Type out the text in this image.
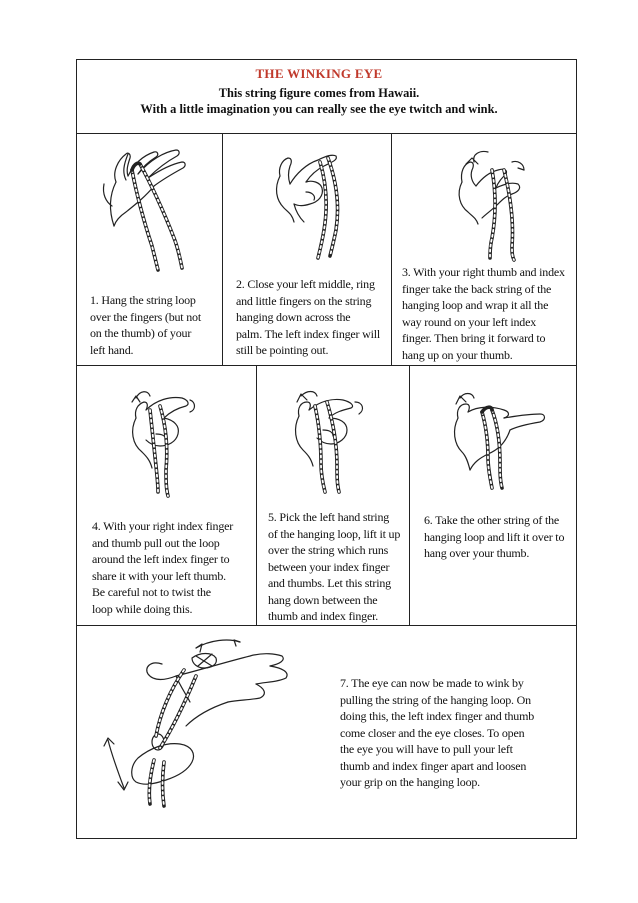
THE WINKING EYE
This string figure comes from Hawaii.
With a little imagination you can really see the eye twitch and wink.
1. Hang the string loop
over the fingers (but not
on the thumb) of your
left hand.
2. Close your left middle, ring
and little fingers on the string
hanging down across the
palm. The left index finger will
still be pointing out.
3. With your right thumb and index
finger take the back string of the
hanging loop and wrap it all the
way round on your left index
finger. Then bring it forward to
hang up on your thumb.
4. With your right index finger
and thumb pull out the loop
around the left index finger to
share it with your left thumb.
Be careful not to twist the
loop while doing this.
5. Pick the left hand string
of the hanging loop, lift it up
over the string which runs
between your index finger
and thumbs. Let this string
hang down between the
thumb and index finger.
6. Take the other string of the
hanging loop and lift it over to
hang over your thumb.
7. The eye can now be made to wink by
pulling the string of the hanging loop. On
doing this, the left index finger and thumb
come closer and the eye closes. To open
the eye you will have to pull your left
thumb and index finger apart and loosen
your grip on the hanging loop.
